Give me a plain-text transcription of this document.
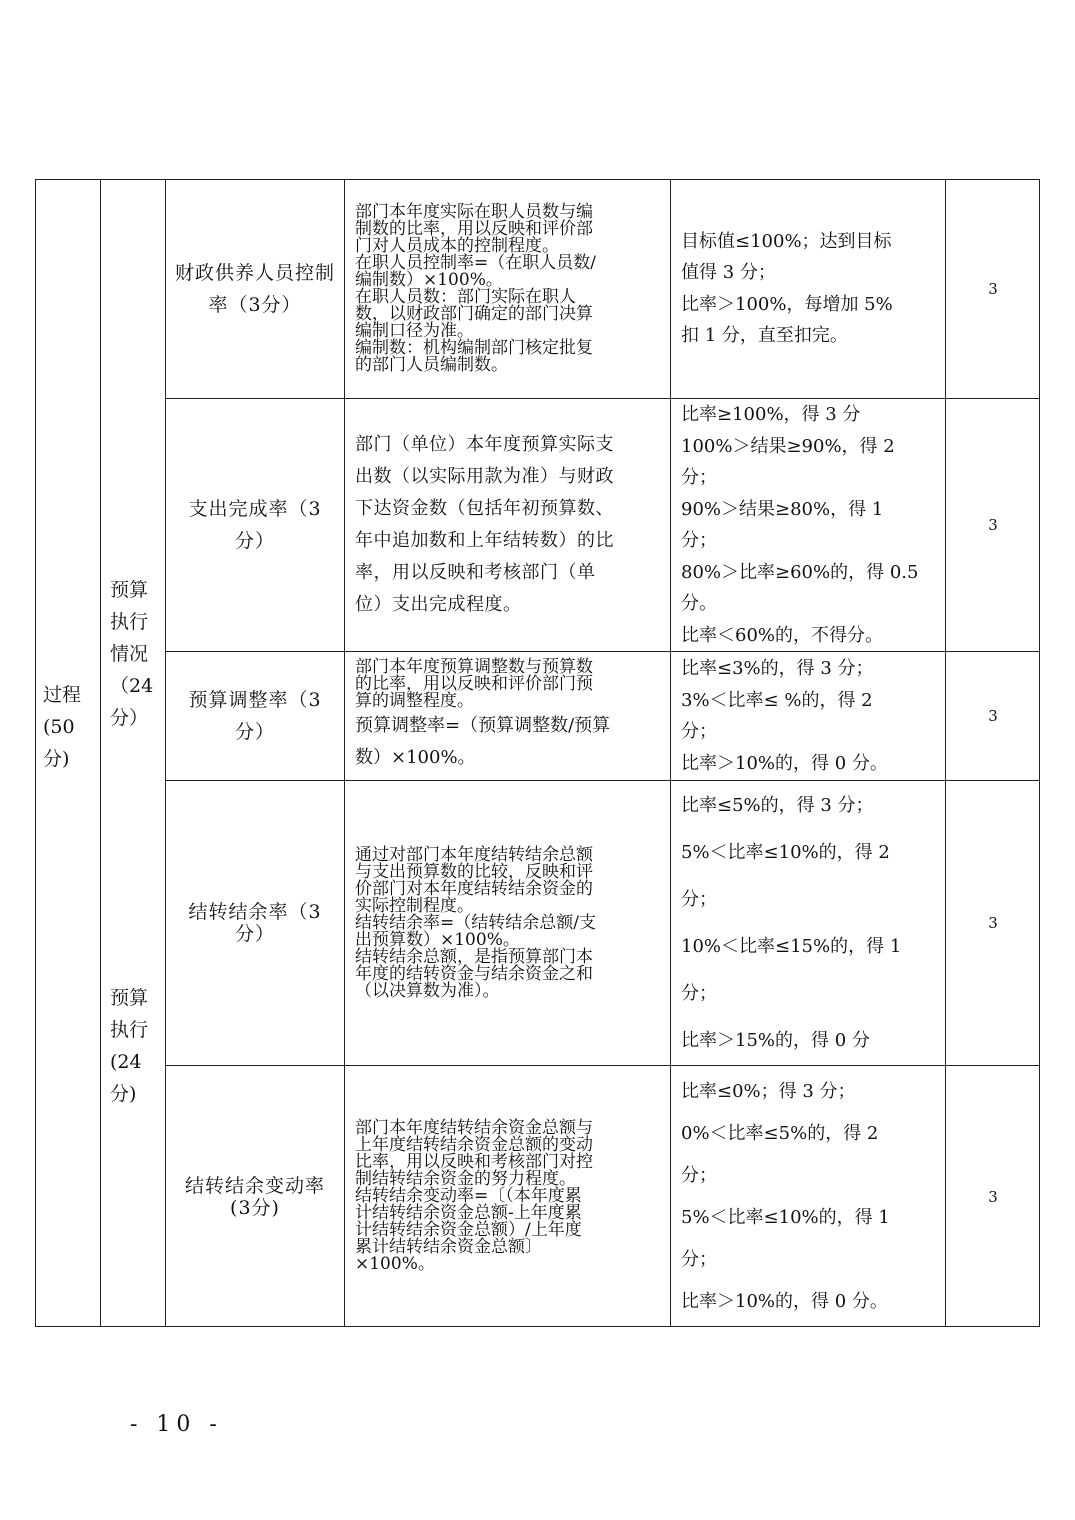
过程

(50

分)

预算

执行

情况

（24

分）

预算

执行

(24

分)

财政供养人员控制率（3分）

部门本年度实际在职人员数与编

制数的比率，用以反映和评价部

门对人员成本的控制程度。

在职人员控制率=（在职人员数/

编制数）×100%。

在职人员数：部门实际在职人

数，以财政部门确定的部门决算

编制口径为准。

编制数：机构编制部门核定批复

的部门人员编制数。

目标值≤100%；达到目标

值得 3 分；

比率＞100%，每增加 5%

扣 1 分，直至扣完。

3
支出完成率（3分）

部门（单位）本年度预算实际支

出数（以实际用款为准）与财政

下达资金数（包括年初预算数、

年中追加数和上年结转数）的比

率，用以反映和考核部门（单

位）支出完成程度。

比率≥100%，得 3 分

100%＞结果≥90%，得 2

分；

90%＞结果≥80%，得 1

分；

80%＞比率≥60%的，得 0.5

分。

比率＜60%的，不得分。

3
预算调整率（3分）

部门本年度预算调整数与预算数

的比率，用以反映和评价部门预

算的调整程度。

预算调整率=（预算调整数/预算

数）×100%。

比率≤3%的，得 3 分；

3%＜比率≤ %的，得 2

分；

比率＞10%的，得 0 分。

3
结转结余率（3分）

通过对部门本年度结转结余总额

与支出预算数的比较，反映和评

价部门对本年度结转结余资金的

实际控制程度。

结转结余率=（结转结余总额/支

出预算数）×100%。

结转结余总额，是指预算部门本

年度的结转资金与结余资金之和

（以决算数为准）。

比率≤5%的，得 3 分；

5%＜比率≤10%的，得 2

分；

10%＜比率≤15%的，得 1

分；

比率＞15%的，得 0 分

3
结转结余变动率(3分)

部门本年度结转结余资金总额与

上年度结转结余资金总额的变动

比率，用以反映和考核部门对控

制结转结余资金的努力程度。

结转结余变动率=〔（本年度累

计结转结余资金总额-上年度累

计结转结余资金总额）/上年度

累计结转结余资金总额〕

×100%。

比率≤0%；得 3 分；

0%＜比率≤5%的，得 2

分；

5%＜比率≤10%的，得 1

分；

比率＞10%的，得 0 分。

3
- 10 -
